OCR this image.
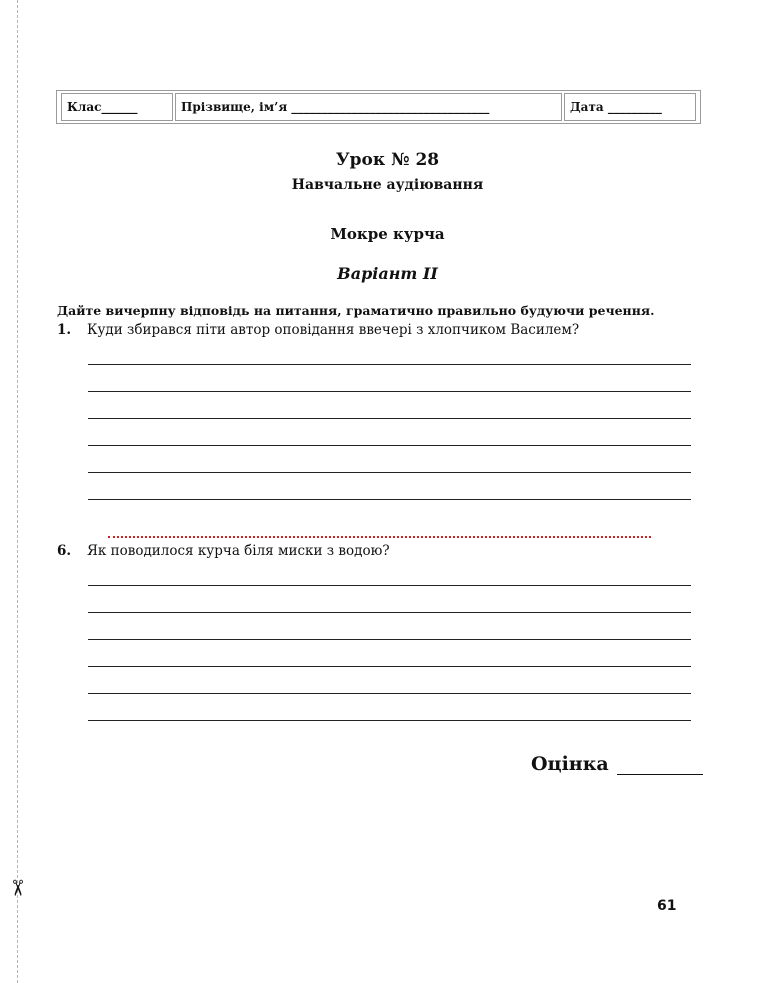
✂
Клас______	Прізвище, ім’я _________________________________	Дата _________
Урок № 28
Навчальне аудіювання
Мокре курча
Варіант II
Дайте вичерпну відповідь на питання, граматично правильно будуючи речення.
1. Куди збирався піти автор оповідання ввечері з хлопчиком Василем?
6. Як поводилося курча біля миски з водою?
Оцінка
61
